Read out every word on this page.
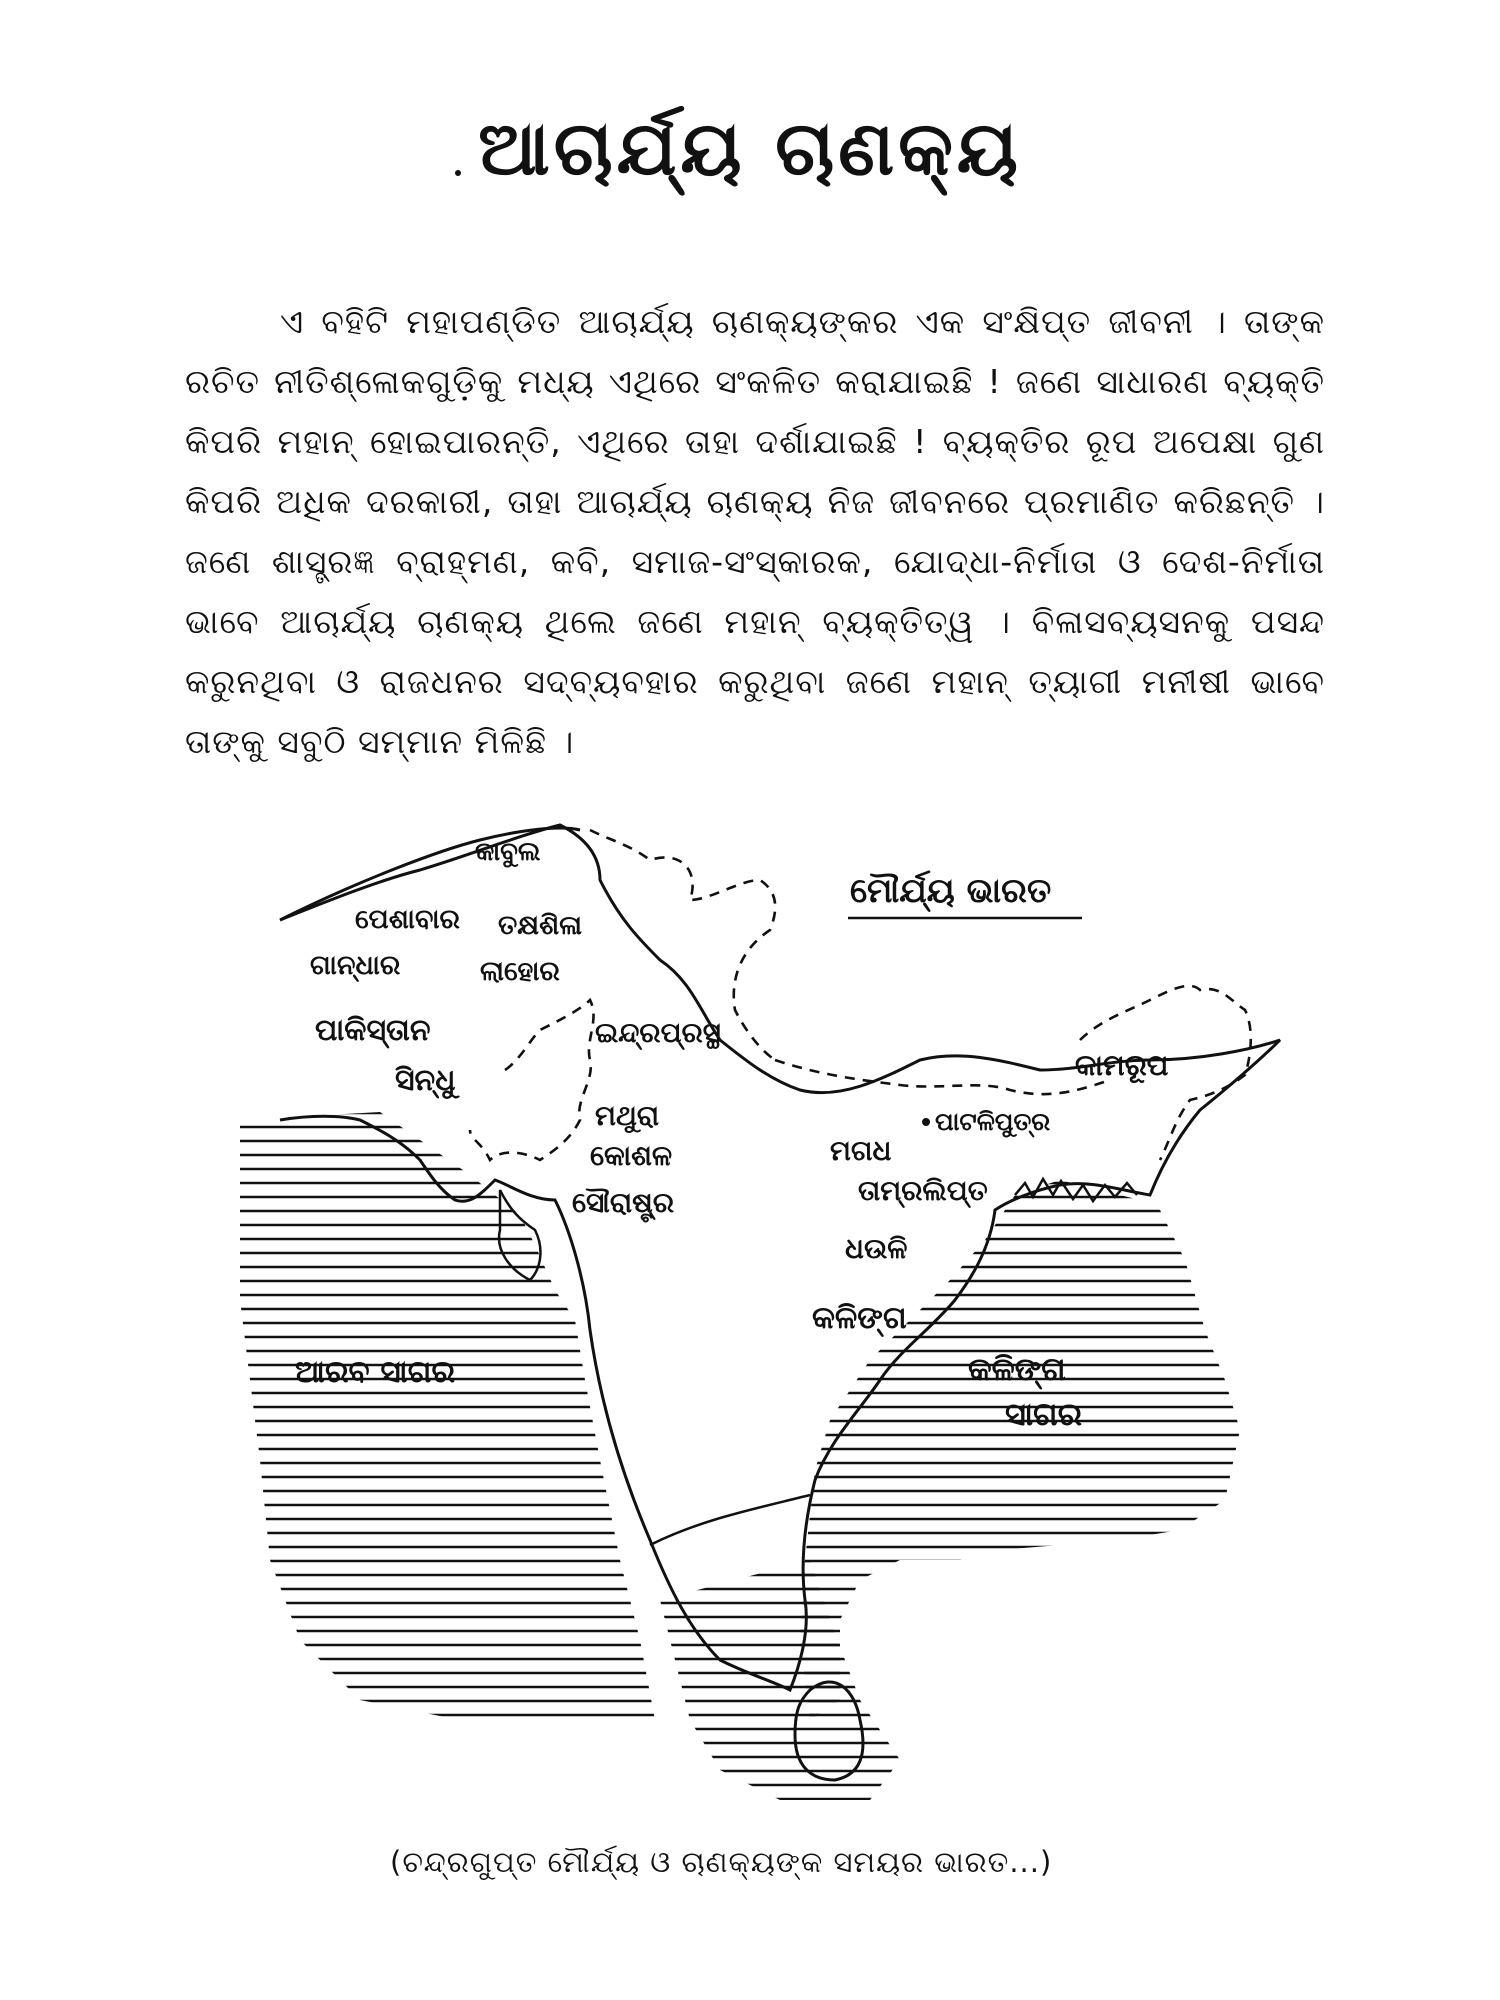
ଆଚାର୍ଯ୍ୟ ଚାଣକ୍ୟ
ଏ ବହିଟି ମହାପଣ୍ଡିତ ଆଚାର୍ଯ୍ୟ ଚାଣକ୍ୟଙ୍କର ଏକ ସଂକ୍ଷିପ୍ତ ଜୀବନୀ । ତାଙ୍କ ରଚିତ ନୀତିଶ୍ଳୋକଗୁଡ଼ିକୁ ମଧ୍ୟ ଏଥିରେ ସଂକଳିତ କରାଯାଇଛି ! ଜଣେ ସାଧାରଣ ବ୍ୟକ୍ତି କିପରି ମହାନ୍ ହୋଇପାରନ୍ତି, ଏଥିରେ ତାହା ଦର୍ଶାଯାଇଛି ! ବ୍ୟକ୍ତିର ରୂପ ଅପେକ୍ଷା ଗୁଣ କିପରି ଅଧିକ ଦରକାରୀ, ତାହା ଆଚାର୍ଯ୍ୟ ଚାଣକ୍ୟ ନିଜ ଜୀବନରେ ପ୍ରମାଣିତ କରିଛନ୍ତି । ଜଣେ ଶାସ୍ତ୍ରଜ୍ଞ ବ୍ରାହ୍ମଣ, କବି, ସମାଜ-ସଂସ୍କାରକ, ଯୋଦ୍ଧା-ନିର୍ମାତା ଓ ଦେଶ-ନିର୍ମାତା ଭାବେ ଆଚାର୍ଯ୍ୟ ଚାଣକ୍ୟ ଥିଲେ ଜଣେ ମହାନ୍ ବ୍ୟକ୍ତିତ୍ୱ । ବିଳାସବ୍ୟସନକୁ ପସନ୍ଦ କରୁନଥିବା ଓ ରାଜଧନର ସଦ୍‌ବ୍ୟବହାର କରୁଥିବା ଜଣେ ମହାନ୍ ତ୍ୟାଗୀ ମନୀଷୀ ଭାବେ ତାଙ୍କୁ ସବୁଠି ସମ୍ମାନ ମିଳିଛି ।
ମୌର୍ଯ୍ୟ ଭାରତ
କାବୁଲ
ପେଶାବାର ତକ୍ଷଶିଳା
ଗାନ୍ଧାର	ଲାହୋର
ପାକିସ୍ତାନ	ଇନ୍ଦ୍ରପ୍ରସ୍ଥ
ସିନ୍ଧୁ
ମଥୁରା
କୋଶଳ
ସୌରାଷ୍ଟ୍ର
କାମରୂପ
ପାଟଳିପୁତ୍ର
ମଗଧ
ତାମ୍ରଲିପ୍ତ
ଧଉଳି
କଳିଙ୍ଗ
ଆରବ ସାଗର	କଳିଙ୍ଗ
ସାଗର
(ଚନ୍ଦ୍ରଗୁପ୍ତ ମୌର୍ଯ୍ୟ ଓ ଚାଣକ୍ୟଙ୍କ ସମୟର ଭାରତ...)
